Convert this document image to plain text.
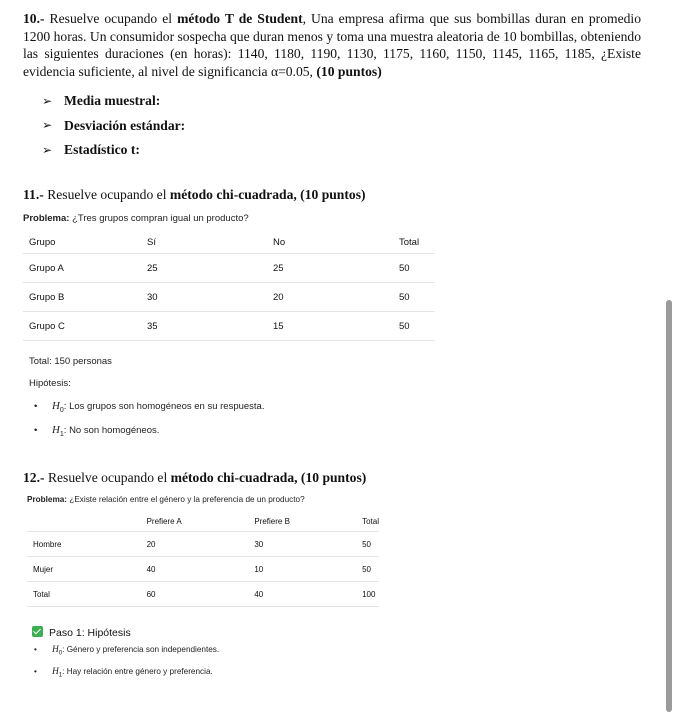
10.- Resuelve ocupando el método T de Student, Una empresa afirma que sus bombillas duran en promedio 1200 horas. Un consumidor sospecha que duran menos y toma una muestra aleatoria de 10 bombillas, obteniendo las siguientes duraciones (en horas): 1140, 1180, 1190, 1130, 1175, 1160, 1150, 1145, 1165, 1185, ¿Existe evidencia suficiente, al nivel de significancia α=0.05, (10 puntos)
➢ Media muestral:
➢ Desviación estándar:
➢ Estadístico t:
11.- Resuelve ocupando el método chi-cuadrada, (10 puntos)
Problema: ¿Tres grupos compran igual un producto?
Grupo	Sí	No	Total
Grupo A	25	25	50
Grupo B	30	20	50
Grupo C	35	15	50
Total: 150 personas
Hipótesis:
• $H_0$: Los grupos son homogéneos en su respuesta.
• $H_1$: No son homogéneos.
12.- Resuelve ocupando el método chi-cuadrada, (10 puntos)
Problema: ¿Existe relación entre el género y la preferencia de un producto?
	Prefiere A	Prefiere B	Total
Hombre	20	30	50
Mujer	40	10	50
Total	60	40	100
Paso 1: Hipótesis
• $H_0$: Género y preferencia son independientes.
• $H_1$: Hay relación entre género y preferencia.
